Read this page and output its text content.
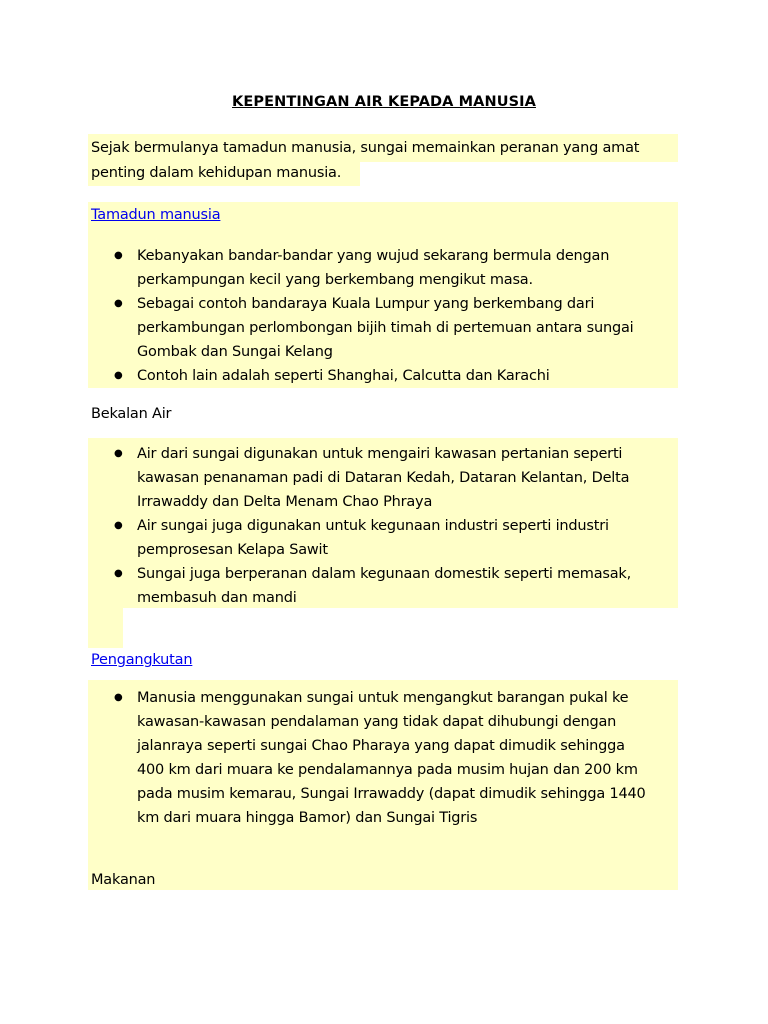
KEPENTINGAN AIR KEPADA MANUSIA
Sejak bermulanya tamadun manusia, sungai memainkan peranan yang amat
penting dalam kehidupan manusia.
Tamadun manusia
● Kebanyakan bandar-bandar yang wujud sekarang bermula dengan
perkampungan kecil yang berkembang mengikut masa.
● Sebagai contoh bandaraya Kuala Lumpur yang berkembang dari
perkambungan perlombongan bijih timah di pertemuan antara sungai
Gombak dan Sungai Kelang
● Contoh lain adalah seperti Shanghai, Calcutta dan Karachi
Bekalan Air
● Air dari sungai digunakan untuk mengairi kawasan pertanian seperti
kawasan penanaman padi di Dataran Kedah, Dataran Kelantan, Delta
Irrawaddy dan Delta Menam Chao Phraya
● Air sungai juga digunakan untuk kegunaan industri seperti industri
pemprosesan Kelapa Sawit
● Sungai juga berperanan dalam kegunaan domestik seperti memasak,
membasuh dan mandi
Pengangkutan
● Manusia menggunakan sungai untuk mengangkut barangan pukal ke
kawasan-kawasan pendalaman yang tidak dapat dihubungi dengan
jalanraya seperti sungai Chao Pharaya yang dapat dimudik sehingga
400 km dari muara ke pendalamannya pada musim hujan dan 200 km
pada musim kemarau, Sungai Irrawaddy (dapat dimudik sehingga 1440
km dari muara hingga Bamor) dan Sungai Tigris
Makanan
